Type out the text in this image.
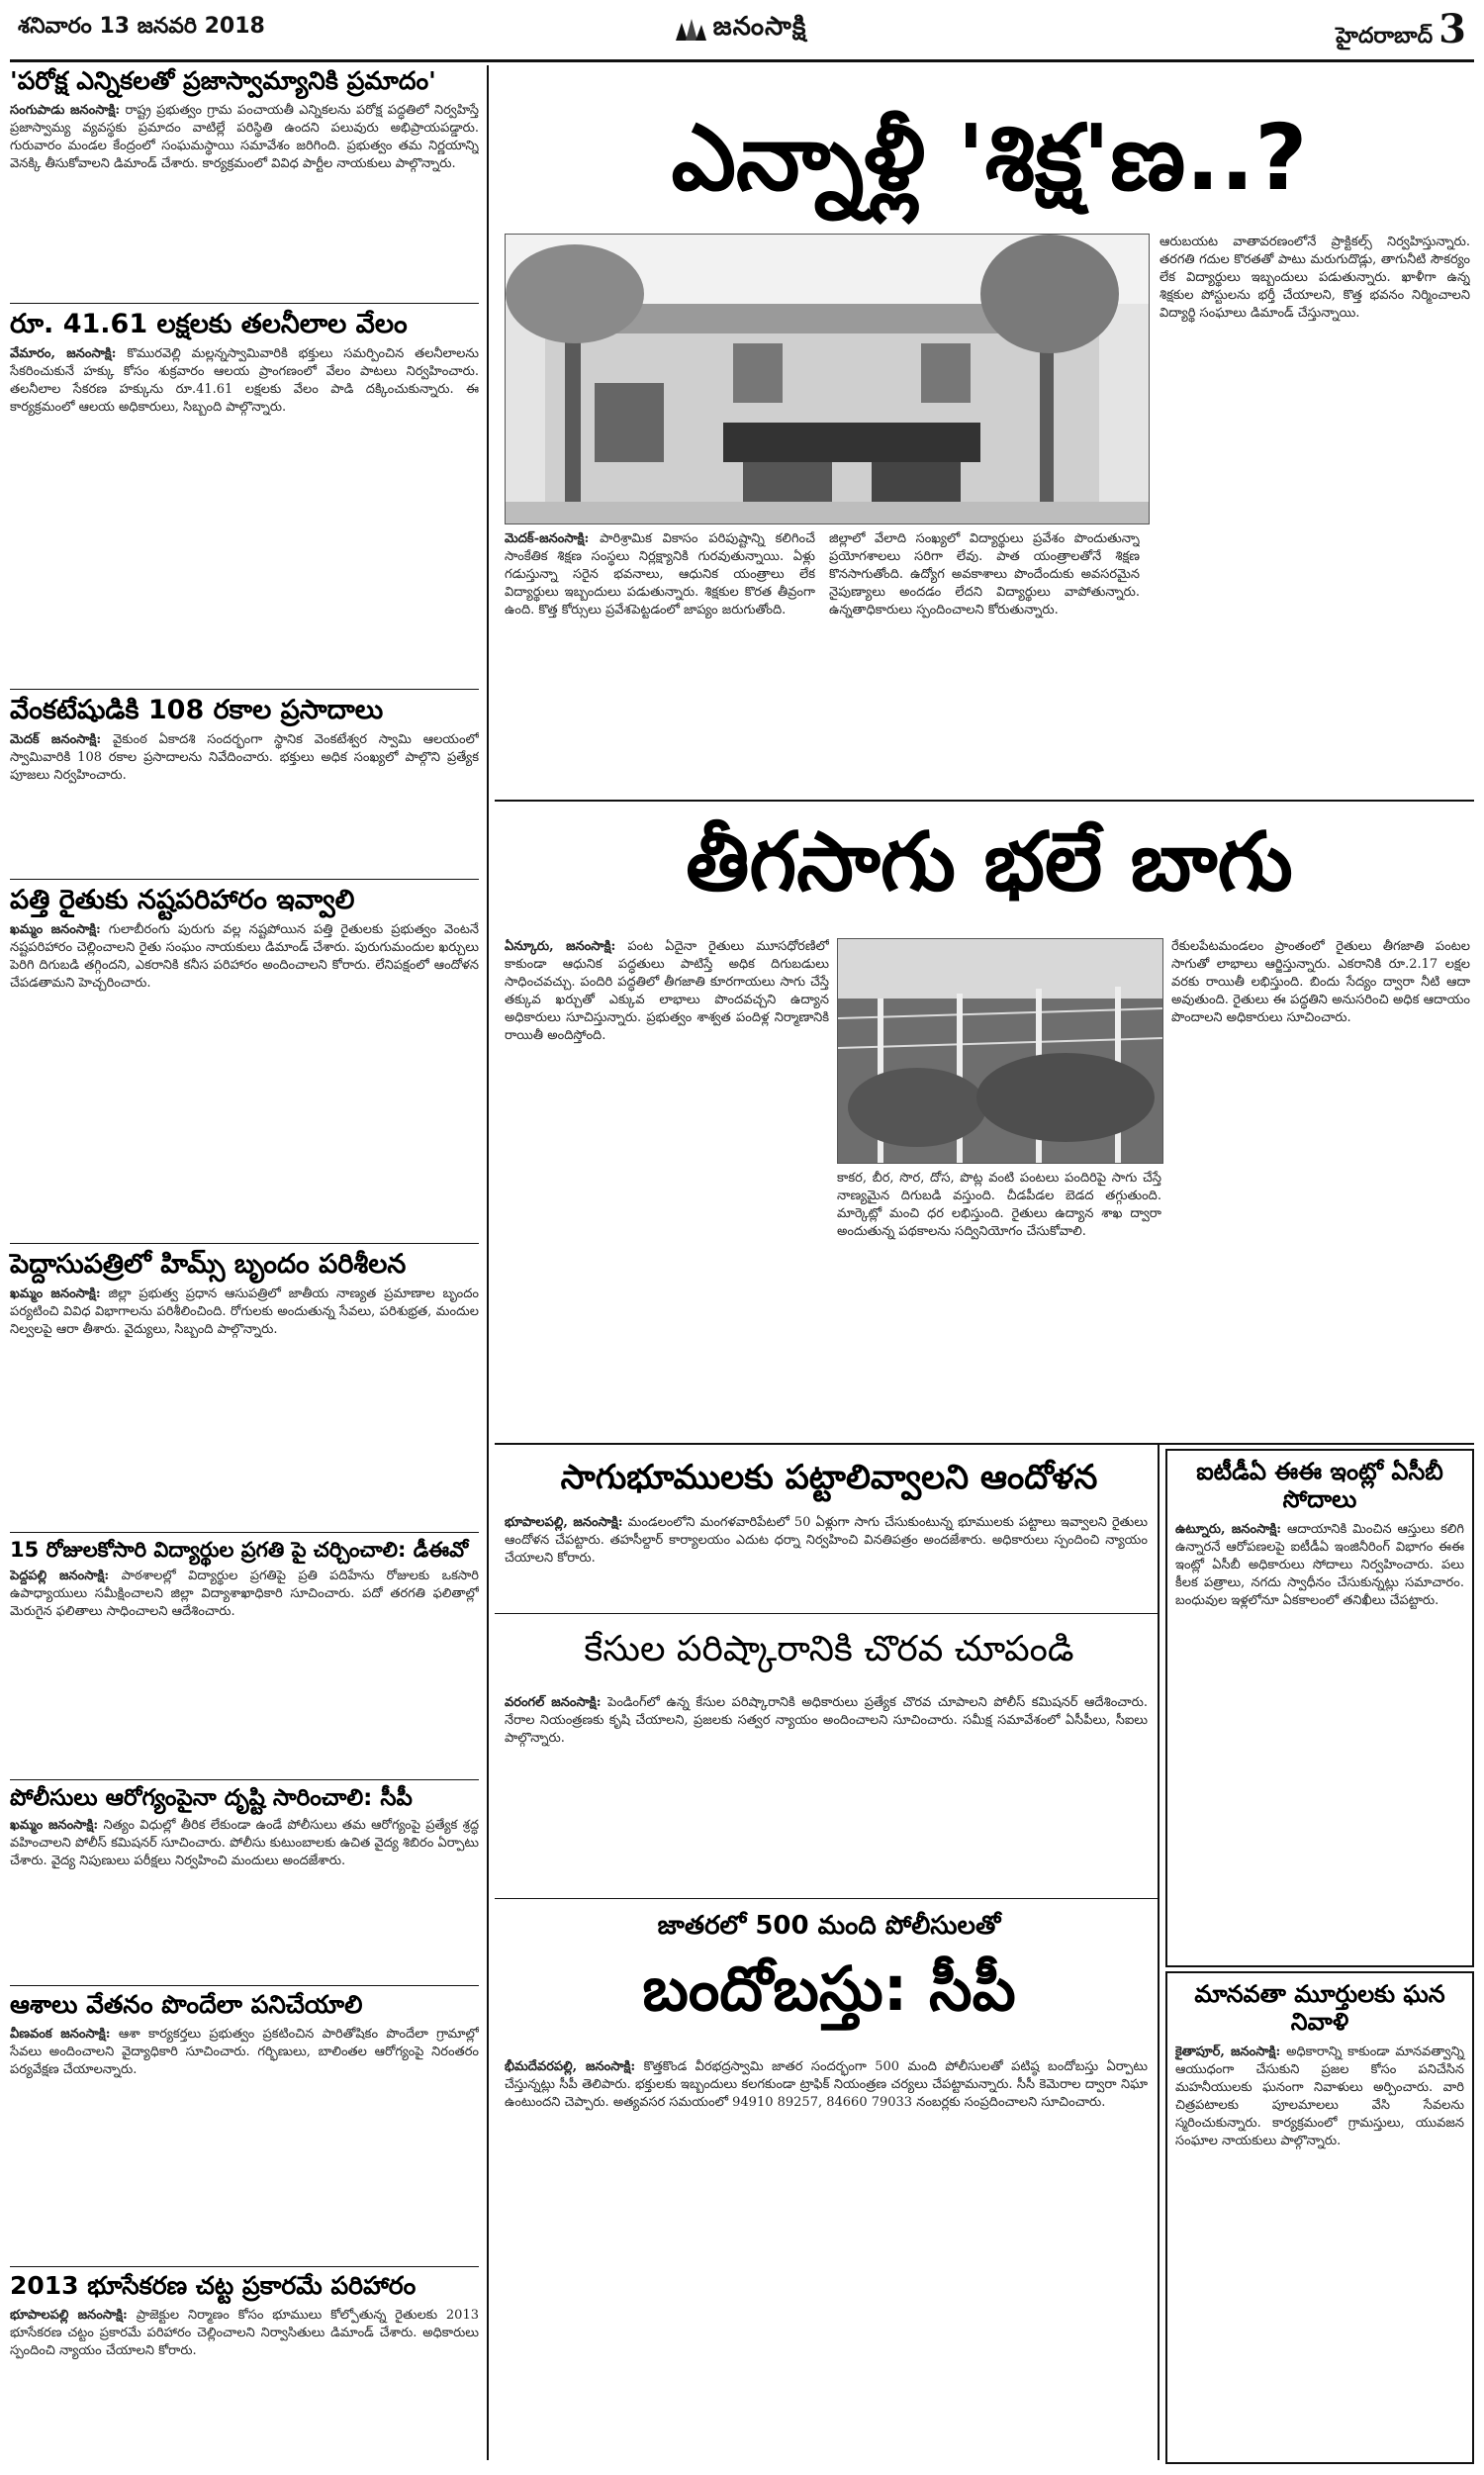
శనివారం 13 జనవరి 2018	జనంసాక్షి	హైదరాబాద్ 3
'పరోక్ష ఎన్నికలతో ప్రజాస్వామ్యానికి ప్రమాదం'
సంగుపాడు జనంసాక్షి: రాష్ట్ర ప్రభుత్వం గ్రామ పంచాయతీ ఎన్నికలను పరోక్ష పద్ధతిలో నిర్వహిస్తే ప్రజాస్వామ్య వ్యవస్థకు ప్రమాదం వాటిల్లే పరిస్థితి ఉందని పలువురు అభిప్రాయపడ్డారు. గురువారం మండల కేంద్రంలో సంఘమస్థాయి సమావేశం జరిగింది. ప్రభుత్వం తమ నిర్ణయాన్ని వెనక్కి తీసుకోవాలని డిమాండ్ చేశారు. కార్యక్రమంలో వివిధ పార్టీల నాయకులు పాల్గొన్నారు.
రూ. 41.61 లక్షలకు తలనీలాల వేలం
వేమారం, జనంసాక్షి: కొమురవెల్లి మల్లన్నస్వామివారికి భక్తులు సమర్పించిన తలనీలాలను సేకరించుకునే హక్కు కోసం శుక్రవారం ఆలయ ప్రాంగణంలో వేలం పాటలు నిర్వహించారు. తలనీలాల సేకరణ హక్కును రూ.41.61 లక్షలకు వేలం పాడి దక్కించుకున్నారు. ఈ కార్యక్రమంలో ఆలయ అధికారులు, సిబ్బంది పాల్గొన్నారు.
వేంకటేషుడికి 108 రకాల ప్రసాదాలు
మెదక్ జనంసాక్షి: వైకుంఠ ఏకాదశి సందర్భంగా స్థానిక వెంకటేశ్వర స్వామి ఆలయంలో స్వామివారికి 108 రకాల ప్రసాదాలను నివేదించారు. భక్తులు అధిక సంఖ్యలో పాల్గొని ప్రత్యేక పూజలు నిర్వహించారు.
పత్తి రైతుకు నష్టపరిహారం ఇవ్వాలి
ఖమ్మం జనంసాక్షి: గులాబీరంగు పురుగు వల్ల నష్టపోయిన పత్తి రైతులకు ప్రభుత్వం వెంటనే నష్టపరిహారం చెల్లించాలని రైతు సంఘం నాయకులు డిమాండ్ చేశారు. పురుగుమందుల ఖర్చులు పెరిగి దిగుబడి తగ్గిందని, ఎకరానికి కనీస పరిహారం అందించాలని కోరారు. లేనిపక్షంలో ఆందోళన చేపడతామని హెచ్చరించారు.
పెద్దాసుపత్రిలో హిమ్స్ బృందం పరిశీలన
ఖమ్మం జనంసాక్షి: జిల్లా ప్రభుత్వ ప్రధాన ఆసుపత్రిలో జాతీయ నాణ్యత ప్రమాణాల బృందం పర్యటించి వివిధ విభాగాలను పరిశీలించింది. రోగులకు అందుతున్న సేవలు, పరిశుభ్రత, మందుల నిల్వలపై ఆరా తీశారు. వైద్యులు, సిబ్బంది పాల్గొన్నారు.
15 రోజులకోసారి విద్యార్థుల ప్రగతి పై చర్చించాలి: డీఈవో
పెద్దపల్లి జనంసాక్షి: పాఠశాలల్లో విద్యార్థుల ప్రగతిపై ప్రతి పదిహేను రోజులకు ఒకసారి ఉపాధ్యాయులు సమీక్షించాలని జిల్లా విద్యాశాఖాధికారి సూచించారు. పదో తరగతి ఫలితాల్లో మెరుగైన ఫలితాలు సాధించాలని ఆదేశించారు.
పోలీసులు ఆరోగ్యంపైనా దృష్టి సారించాలి: సీపీ
ఖమ్మం జనంసాక్షి: నిత్యం విధుల్లో తీరిక లేకుండా ఉండే పోలీసులు తమ ఆరోగ్యంపై ప్రత్యేక శ్రద్ధ వహించాలని పోలీస్ కమిషనర్ సూచించారు. పోలీసు కుటుంబాలకు ఉచిత వైద్య శిబిరం ఏర్పాటు చేశారు. వైద్య నిపుణులు పరీక్షలు నిర్వహించి మందులు అందజేశారు.
ఆశాలు వేతనం పొందేలా పనిచేయాలి
వీణవంక జనంసాక్షి: ఆశా కార్యకర్తలు ప్రభుత్వం ప్రకటించిన పారితోషికం పొందేలా గ్రామాల్లో సేవలు అందించాలని వైద్యాధికారి సూచించారు. గర్భిణులు, బాలింతల ఆరోగ్యంపై నిరంతరం పర్యవేక్షణ చేయాలన్నారు.
2013 భూసేకరణ చట్ట ప్రకారమే పరిహారం
భూపాలపల్లి జనంసాక్షి: ప్రాజెక్టుల నిర్మాణం కోసం భూములు కోల్పోతున్న రైతులకు 2013 భూసేకరణ చట్టం ప్రకారమే పరిహారం చెల్లించాలని నిర్వాసితులు డిమాండ్ చేశారు. అధికారులు స్పందించి న్యాయం చేయాలని కోరారు.
ఎన్నాళ్లీ 'శిక్ష'ణ..?
ఆరుబయట వాతావరణంలోనే ప్రాక్టికల్స్ నిర్వహిస్తున్నారు. తరగతి గదుల కొరతతో పాటు మరుగుదొడ్లు, తాగునీటి సౌకర్యం లేక విద్యార్థులు ఇబ్బందులు పడుతున్నారు. ఖాళీగా ఉన్న శిక్షకుల పోస్టులను భర్తీ చేయాలని, కొత్త భవనం నిర్మించాలని విద్యార్థి సంఘాలు డిమాండ్ చేస్తున్నాయి.
మెదక్‌-జనంసాక్షి: పారిశ్రామిక వికాసం పరిపుష్టాన్ని కలిగించే సాంకేతిక శిక్షణ సంస్థలు నిర్లక్ష్యానికి గురవుతున్నాయి. ఏళ్లు గడుస్తున్నా సరైన భవనాలు, ఆధునిక యంత్రాలు లేక విద్యార్థులు ఇబ్బందులు పడుతున్నారు. శిక్షకుల కొరత తీవ్రంగా ఉంది. కొత్త కోర్సులు ప్రవేశపెట్టడంలో జాప్యం జరుగుతోంది.
జిల్లాలో వేలాది సంఖ్యలో విద్యార్థులు ప్రవేశం పొందుతున్నా ప్రయోగశాలలు సరిగా లేవు. పాత యంత్రాలతోనే శిక్షణ కొనసాగుతోంది. ఉద్యోగ అవకాశాలు పొందేందుకు అవసరమైన నైపుణ్యాలు అందడం లేదని విద్యార్థులు వాపోతున్నారు. ఉన్నతాధికారులు స్పందించాలని కోరుతున్నారు.
తీగసాగు భలే బాగు
ఏన్కూరు, జనంసాక్షి: పంట ఏదైనా రైతులు మూసధోరణిలో కాకుండా ఆధునిక పద్ధతులు పాటిస్తే అధిక దిగుబడులు సాధించవచ్చు. పందిరి పద్ధతిలో తీగజాతి కూరగాయలు సాగు చేస్తే తక్కువ ఖర్చుతో ఎక్కువ లాభాలు పొందవచ్చని ఉద్యాన అధికారులు సూచిస్తున్నారు. ప్రభుత్వం శాశ్వత పందిళ్ల నిర్మాణానికి రాయితీ అందిస్తోంది.
కాకర, బీర, సొర, దోస, పొట్ల వంటి పంటలు పందిరిపై సాగు చేస్తే నాణ్యమైన దిగుబడి వస్తుంది. చీడపీడల బెడద తగ్గుతుంది. మార్కెట్లో మంచి ధర లభిస్తుంది. రైతులు ఉద్యాన శాఖ ద్వారా అందుతున్న పథకాలను సద్వినియోగం చేసుకోవాలి.
రేకులపేటమండలం ప్రాంతంలో రైతులు తీగజాతి పంటల సాగుతో లాభాలు ఆర్జిస్తున్నారు. ఎకరానికి రూ.2.17 లక్షల వరకు రాయితీ లభిస్తుంది. బిందు సేద్యం ద్వారా నీటి ఆదా అవుతుంది. రైతులు ఈ పద్ధతిని అనుసరించి అధిక ఆదాయం పొందాలని అధికారులు సూచించారు.
సాగుభూములకు పట్టాలివ్వాలని ఆందోళన
భూపాలపల్లి, జనంసాక్షి: మండలంలోని మంగళవారిపేటలో 50 ఏళ్లుగా సాగు చేసుకుంటున్న భూములకు పట్టాలు ఇవ్వాలని రైతులు ఆందోళన చేపట్టారు. తహసీల్దార్ కార్యాలయం ఎదుట ధర్నా నిర్వహించి వినతిపత్రం అందజేశారు. అధికారులు స్పందించి న్యాయం చేయాలని కోరారు.
కేసుల పరిష్కారానికి చొరవ చూపండి
వరంగల్ జనంసాక్షి: పెండింగ్‌లో ఉన్న కేసుల పరిష్కారానికి అధికారులు ప్రత్యేక చొరవ చూపాలని పోలీస్ కమిషనర్ ఆదేశించారు. నేరాల నియంత్రణకు కృషి చేయాలని, ప్రజలకు సత్వర న్యాయం అందించాలని సూచించారు. సమీక్ష సమావేశంలో ఏసీపీలు, సీఐలు పాల్గొన్నారు.
జాతరలో 500 మంది పోలీసులతో
బందోబస్తు: సీపీ
భీమదేవరపల్లి, జనంసాక్షి: కొత్తకొండ వీరభద్రస్వామి జాతర సందర్భంగా 500 మంది పోలీసులతో పటిష్ఠ బందోబస్తు ఏర్పాటు చేస్తున్నట్లు సీపీ తెలిపారు. భక్తులకు ఇబ్బందులు కలగకుండా ట్రాఫిక్ నియంత్రణ చర్యలు చేపట్టామన్నారు. సీసీ కెమెరాల ద్వారా నిఘా ఉంటుందని చెప్పారు. అత్యవసర సమయంలో 94910 89257, 84660 79033 నంబర్లకు సంప్రదించాలని సూచించారు.
ఐటీడీఏ ఈఈ ఇంట్లో ఏసీబీ సోదాలు
ఉట్నూరు, జనంసాక్షి: ఆదాయానికి మించిన ఆస్తులు కలిగి ఉన్నారనే ఆరోపణలపై ఐటీడీఏ ఇంజినీరింగ్ విభాగం ఈఈ ఇంట్లో ఏసీబీ అధికారులు సోదాలు నిర్వహించారు. పలు కీలక పత్రాలు, నగదు స్వాధీనం చేసుకున్నట్లు సమాచారం. బంధువుల ఇళ్లలోనూ ఏకకాలంలో తనిఖీలు చేపట్టారు.
మానవతా మూర్తులకు ఘన నివాళి
కైతాపూర్, జనంసాక్షి: అధికారాన్ని కాకుండా మానవత్వాన్ని ఆయుధంగా చేసుకుని ప్రజల కోసం పనిచేసిన మహనీయులకు ఘనంగా నివాళులు అర్పించారు. వారి చిత్రపటాలకు పూలమాలలు వేసి సేవలను స్మరించుకున్నారు. కార్యక్రమంలో గ్రామస్తులు, యువజన సంఘాల నాయకులు పాల్గొన్నారు.
